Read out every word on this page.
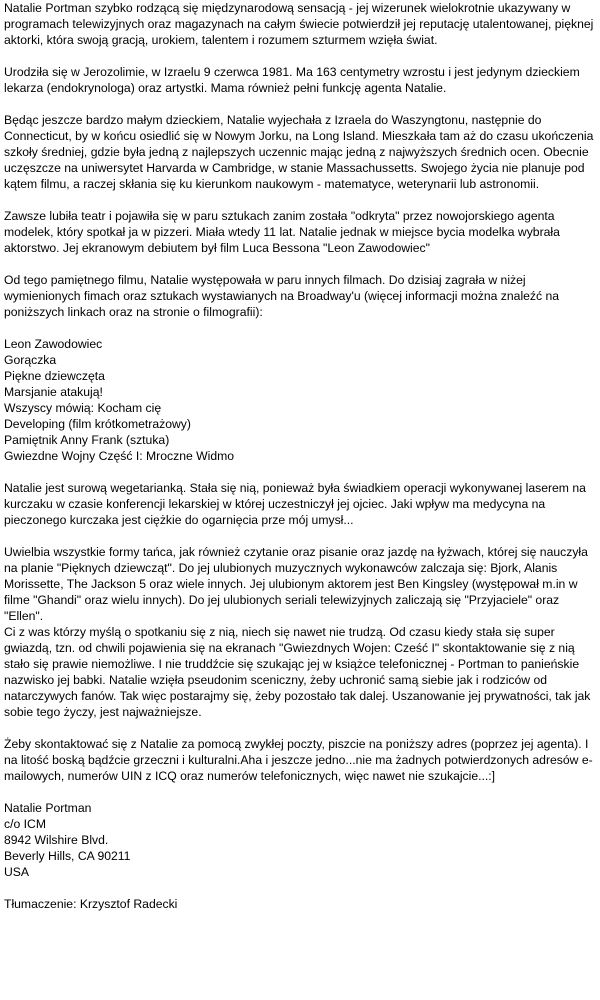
Natalie Portman szybko rodzącą się międzynarodową sensacją - jej wizerunek wielokrotnie ukazywany w programach telewizyjnych oraz magazynach na całym świecie potwierdził jej reputację utalentowanej, pięknej aktorki, która swoją gracją, urokiem, talentem i rozumem szturmem wzięła świat.

Urodziła się w Jerozolimie, w Izraelu 9 czerwca 1981. Ma 163 centymetry wzrostu i jest jedynym dzieckiem lekarza (endokrynologa) oraz artystki. Mama również pełni funkcję agenta Natalie.

Będąc jeszcze bardzo małym dzieckiem, Natalie wyjechała z Izraela do Waszyngtonu, następnie do Connecticut, by w końcu osiedlić się w Nowym Jorku, na Long Island. Mieszkała tam aż do czasu ukończenia szkoły średniej, gdzie była jedną z najlepszych uczennic mając jedną z najwyższych średnich ocen. Obecnie uczęszcze na uniwersytet Harvarda w Cambridge, w stanie Massachussetts. Swojego życia nie planuje pod kątem filmu, a raczej skłania się ku kierunkom naukowym - matematyce, weterynarii lub astronomii.

Zawsze lubiła teatr i pojawiła się w paru sztukach zanim została "odkryta" przez nowojorskiego agenta modelek, który spotkał ja w pizzeri. Miała wtedy 11 lat. Natalie jednak w miejsce bycia modelka wybrała aktorstwo. Jej ekranowym debiutem był film Luca Bessona "Leon Zawodowiec"

Od tego pamiętnego filmu, Natalie występowała w paru innych filmach. Do dzisiaj zagrała w niżej wymienionych fimach oraz sztukach wystawianych na Broadway'u (więcej informacji można znaleźć na poniższych linkach oraz na stronie o filmografii):

Leon Zawodowiec
Gorączka
Piękne dziewczęta
Marsjanie atakują!
Wszyscy mówią: Kocham cię
Developing (film krótkometrażowy)
Pamiętnik Anny Frank (sztuka)
Gwiezdne Wojny Część I: Mroczne Widmo

Natalie jest surową wegetarianką. Stała się nią, ponieważ była świadkiem operacji wykonywanej laserem na kurczaku w czasie konferencji lekarskiej w której uczestniczył jej ojciec. Jaki wpływ ma medycyna na pieczonego kurczaka jest ciężkie do ogarnięcia prze mój umysł...

Uwielbia wszystkie formy tańca, jak również czytanie oraz pisanie oraz jazdę na łyżwach, której się nauczyła na planie "Pięknych dziewcząt". Do jej ulubionych muzycznych wykonawców zalczaja się: Bjork, Alanis Morissette, The Jackson 5 oraz wiele innych. Jej ulubionym aktorem jest Ben Kingsley (występował m.in w filme "Ghandi" oraz wielu innych). Do jej ulubionych seriali telewizyjnych zaliczają się "Przyjaciele" oraz "Ellen".

Ci z was którzy myślą o spotkaniu się z nią, niech się nawet nie trudzą. Od czasu kiedy stała się super gwiazdą, tzn. od chwili pojawienia się na ekranach "Gwiezdnych Wojen: Cześć I" skontaktowanie się z nią stało się prawie niemożliwe. I nie truddźcie się szukając jej w książce telefonicznej - Portman to panieńskie nazwisko jej babki. Natalie wzięła pseudonim sceniczny, żeby uchronić samą siebie jak i rodziców od natarczywych fanów. Tak więc postarajmy się, żeby pozostało tak dalej. Uszanowanie jej prywatności, tak jak sobie tego życzy, jest najważniejsze.

Żeby skontaktować się z Natalie za pomocą zwykłej poczty, piszcie na poniższy adres (poprzez jej agenta). I na litość boską bądźcie grzeczni i kulturalni.Aha i jeszcze jedno...nie ma żadnych potwierdzonych adresów e-mailowych, numerów UIN z ICQ oraz numerów telefonicznych, więc nawet nie szukajcie...:]

Natalie Portman
c/o ICM
8942 Wilshire Blvd.
Beverly Hills, CA 90211
USA

Tłumaczenie: Krzysztof Radecki
